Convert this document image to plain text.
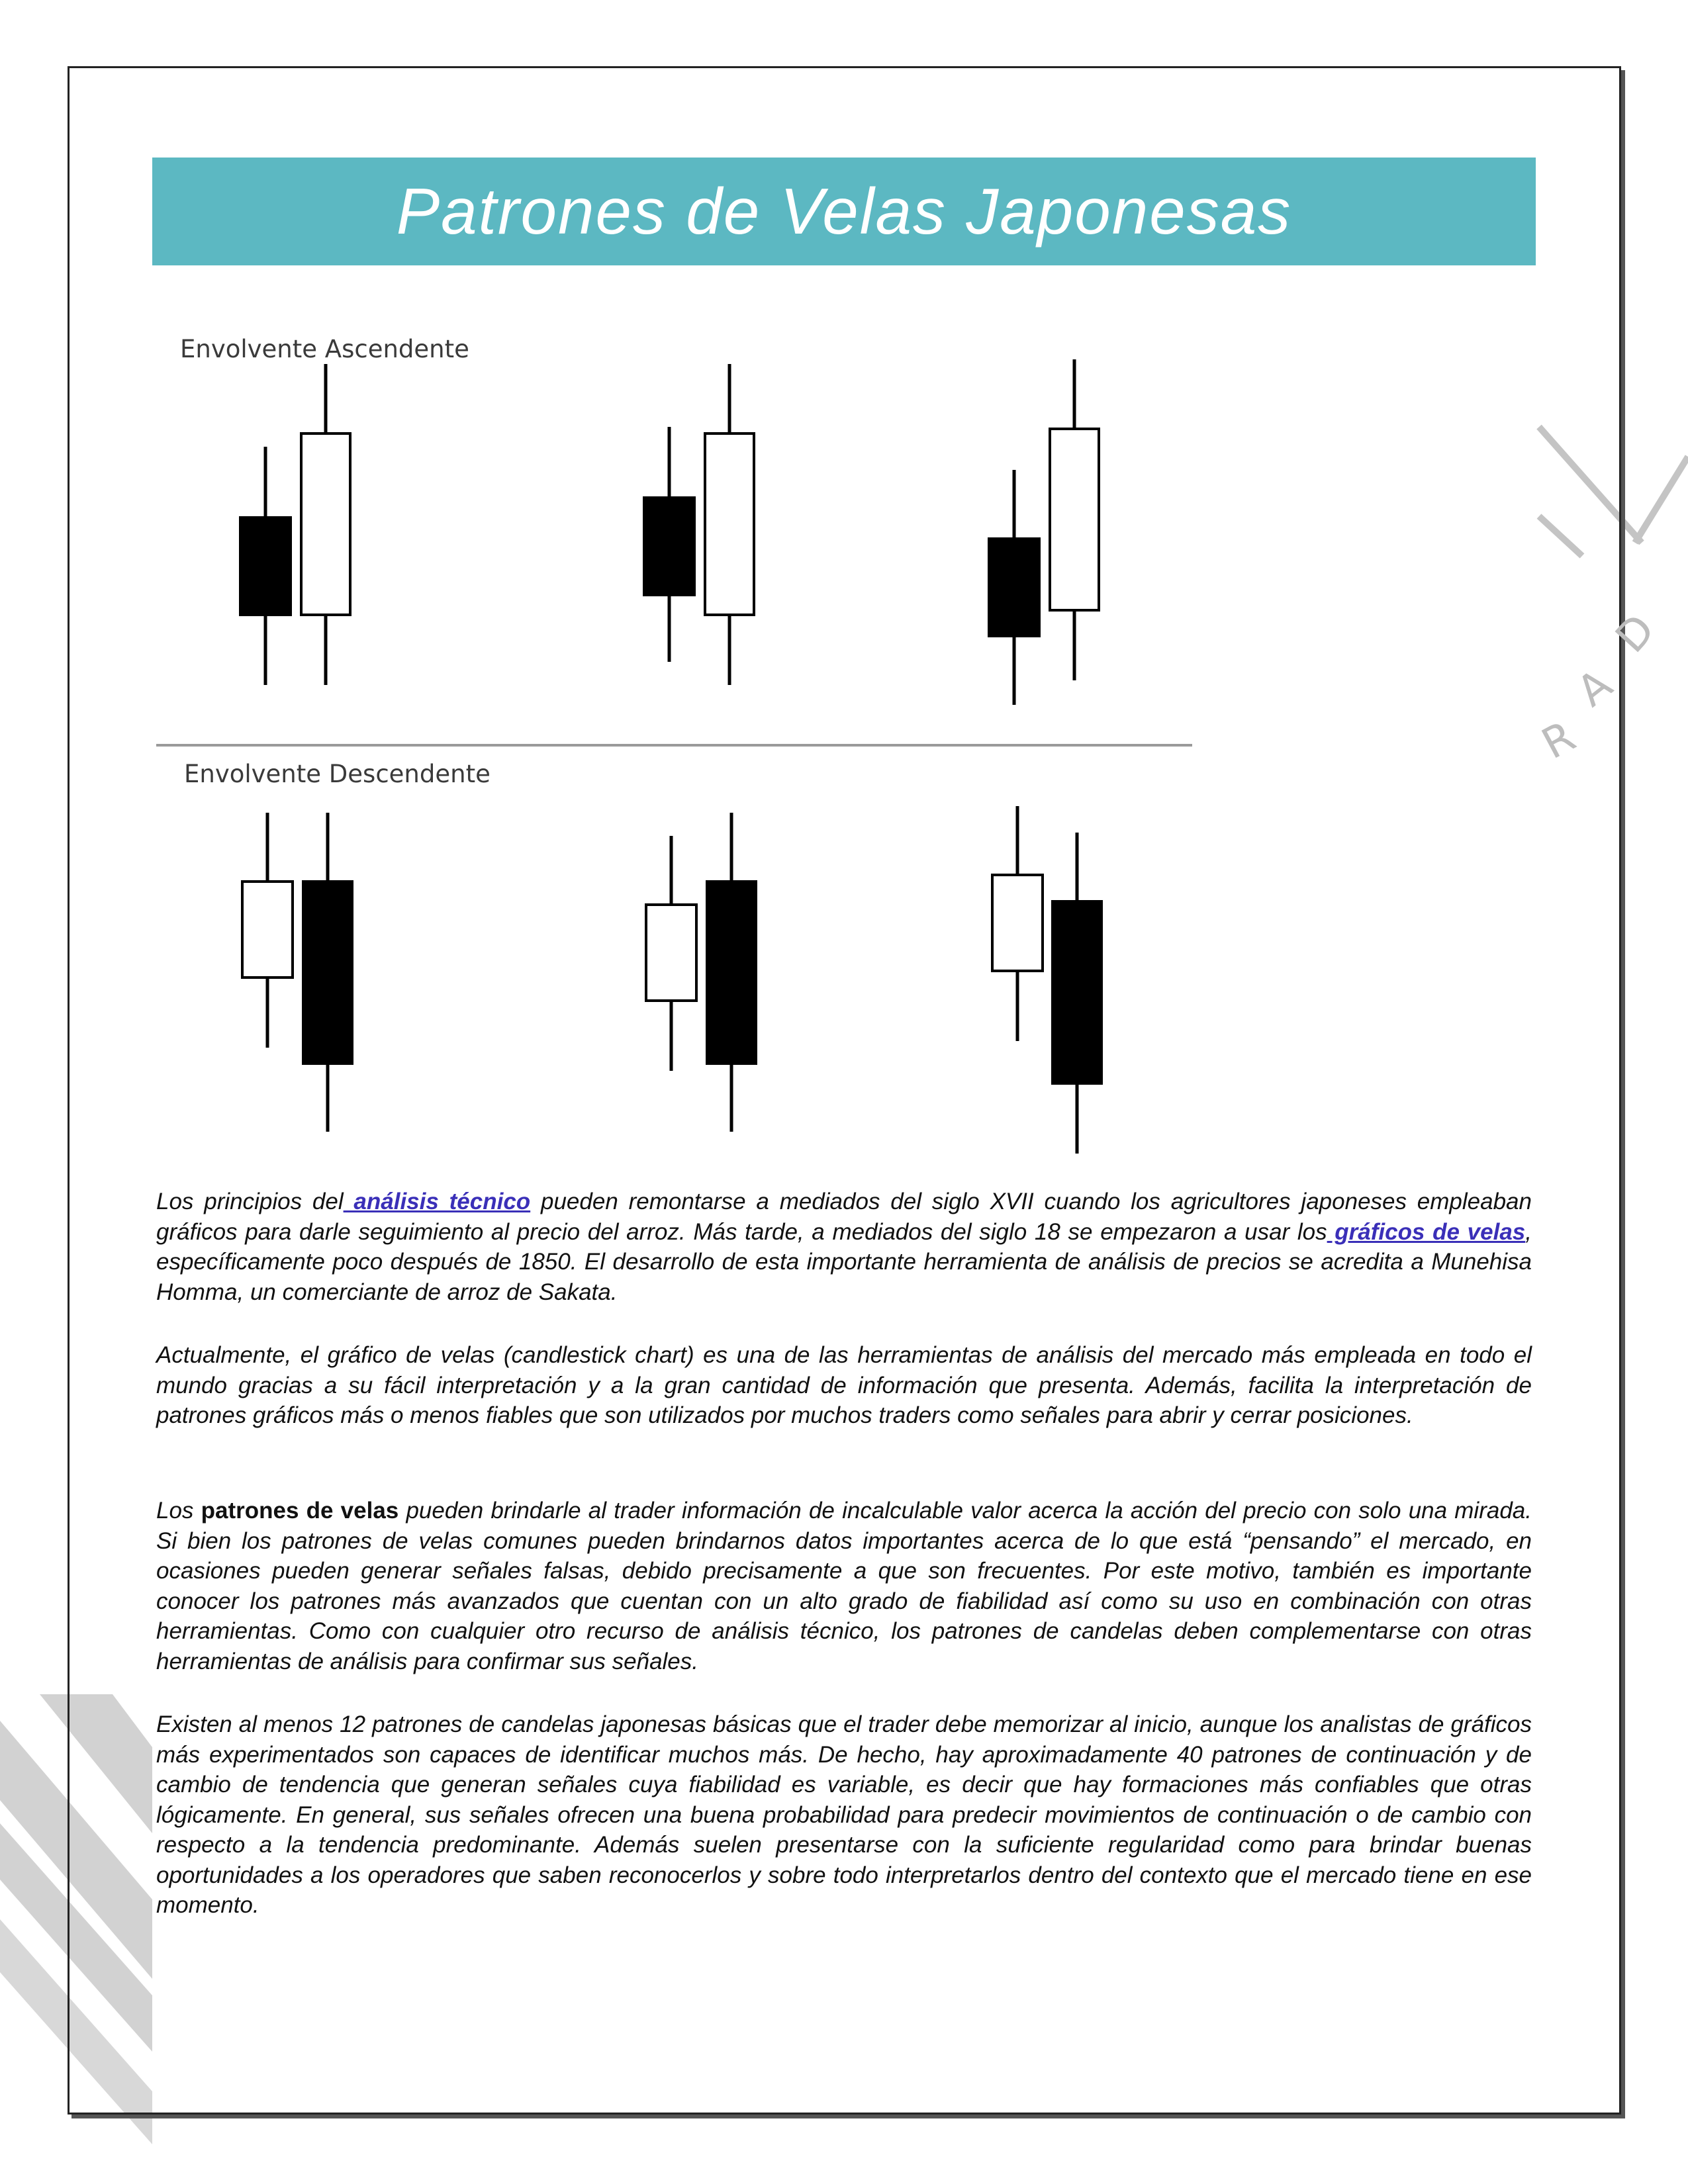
Patrones de Velas Japonesas
Envolvente Ascendente
Envolvente Descendente

Los principios del análisis técnico pueden remontarse a mediados del siglo XVII cuando los agricultores japoneses empleaban gráficos para darle seguimiento al precio del arroz. Más tarde, a mediados del siglo 18 se empezaron a usar los gráficos de velas, específicamente poco después de 1850. El desarrollo de esta importante herramienta de análisis de precios se acredita a Munehisa Homma, un comerciante de arroz de Sakata.

Actualmente, el gráfico de velas (candlestick chart) es una de las herramientas de análisis del mercado más empleada en todo el mundo gracias a su fácil interpretación y a la gran cantidad de información que presenta. Además, facilita la interpretación de patrones gráficos más o menos fiables que son utilizados por muchos traders como señales para abrir y cerrar posiciones.

Los patrones de velas pueden brindarle al trader información de incalculable valor acerca la acción del precio con solo una mirada. Si bien los patrones de velas comunes pueden brindarnos datos importantes acerca de lo que está “pensando” el mercado, en ocasiones pueden generar señales falsas, debido precisamente a que son frecuentes. Por este motivo, también es importante conocer los patrones más avanzados que cuentan con un alto grado de fiabilidad así como su uso en combinación con otras herramientas. Como con cualquier otro recurso de análisis técnico, los patrones de candelas deben complementarse con otras herramientas de análisis para confirmar sus señales.

Existen al menos 12 patrones de candelas japonesas básicas que el trader debe memorizar al inicio, aunque los analistas de gráficos más experimentados son capaces de identificar muchos más. De hecho, hay aproximadamente 40 patrones de continuación y de cambio de tendencia que generan señales cuya fiabilidad es variable, es decir que hay formaciones más confiables que otras lógicamente. En general, sus señales ofrecen una buena probabilidad para predecir movimientos de continuación o de cambio con respecto a la tendencia predominante. Además suelen presentarse con la suficiente regularidad como para brindar buenas oportunidades a los operadores que saben reconocerlos y sobre todo interpretarlos dentro del contexto que el mercado tiene en ese momento.

R
A
D
